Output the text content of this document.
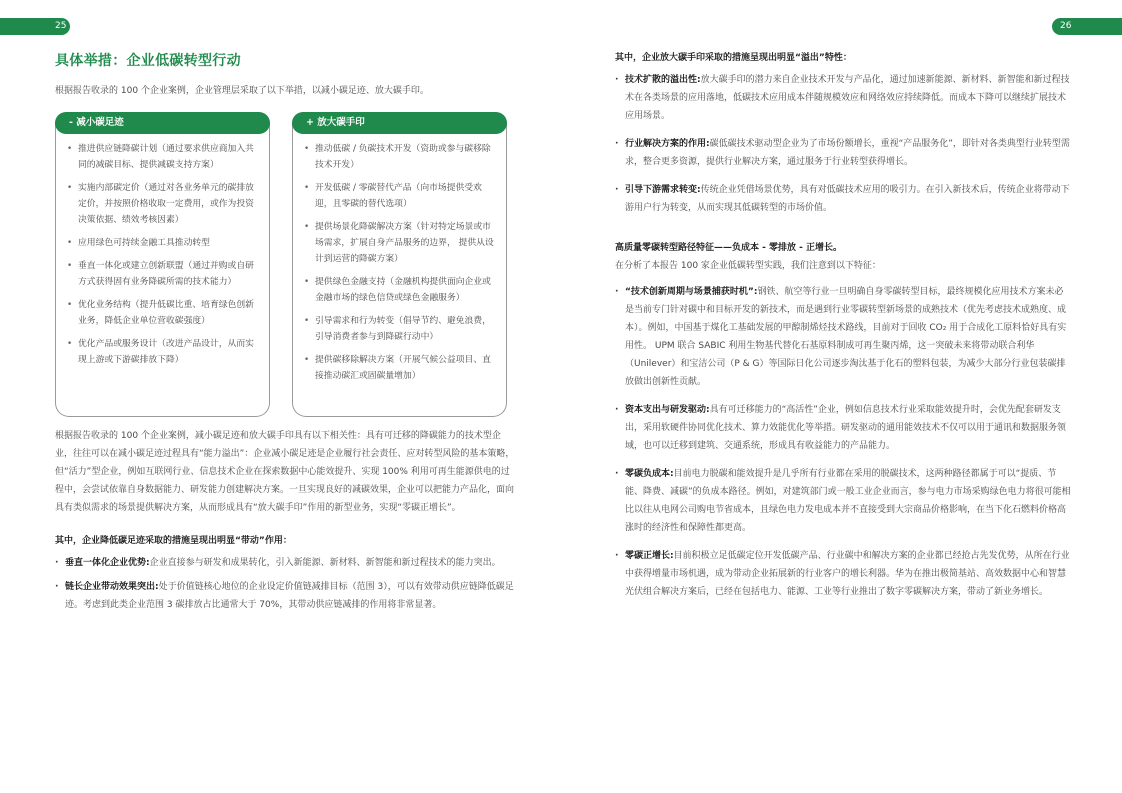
25	26
具体举措：企业低碳转型行动
根据报告收录的 100 个企业案例，企业管理层采取了以下举措，以减小碳足迹、放大碳手印。
- 减小碳足迹
• 推进供应链降碳计划（通过要求供应商加入共同的减碳目标、提供减碳支持方案）
• 实施内部碳定价（通过对各业务单元的碳排放定价，并按照价格收取一定费用，或作为投资决策依据、绩效考核因素）
• 应用绿色可持续金融工具推动转型
• 垂直一体化或建立创新联盟（通过并购或自研方式获得固有业务降碳所需的技术能力）
• 优化业务结构（提升低碳比重、培育绿色创新业务，降低企业单位营收碳强度）
• 优化产品或服务设计（改进产品设计，从而实现上游或下游碳排放下降）
+ 放大碳手印
• 推动低碳 / 负碳技术开发（资助或参与碳移除技术开发）
• 开发低碳 / 零碳替代产品（向市场提供受欢迎，且零碳的替代选项）
• 提供场景化降碳解决方案（针对特定场景或市场需求，扩展自身产品服务的边界， 提供从设计到运营的降碳方案）
• 提供绿色金融支持（金融机构提供面向企业或金融市场的绿色信贷或绿色金融服务）
• 引导需求和行为转变（倡导节约、避免浪费，引导消费者参与到降碳行动中）
• 提供碳移除解决方案（开展气候公益项目、直接推动碳汇或固碳量增加）

根据报告收录的 100 个企业案例，减小碳足迹和放大碳手印具有以下相关性：具有可迁移的降碳能力的技术型企业，往往可以在减小碳足迹过程具有“能力溢出”：企业减小碳足迹是企业履行社会责任、应对转型风险的基本策略，但“活力”型企业，例如互联网行业、信息技术企业在探索数据中心能效提升、实现 100% 利用可再生能源供电的过程中，会尝试依靠自身数据能力、研发能力创建解决方案。一旦实现良好的减碳效果，企业可以把能力产品化，面向具有类似需求的场景提供解决方案，从而形成具有“放大碳手印”作用的新型业务，实现“零碳正增长”。

其中，企业降低碳足迹采取的措施呈现出明显“带动”作用：
· 垂直一体化企业优势:企业直接参与研发和成果转化，引入新能源、新材料、新智能和新过程技术的能力突出。
· 链长企业带动效果突出:处于价值链核心地位的企业设定价值链减排目标（范围 3），可以有效带动供应链降低碳足迹。考虑到此类企业范围 3 碳排放占比通常大于 70%，其带动供应链减排的作用将非常显著。
其中，企业放大碳手印采取的措施呈现出明显“溢出”特性：
· 技术扩散的溢出性:放大碳手印的潜力来自企业技术开发与产品化，通过加速新能源、新材料、新智能和新过程技术在各类场景的应用落地，低碳技术应用成本伴随规模效应和网络效应持续降低。而成本下降可以继续扩展技术应用场景。
· 行业解决方案的作用:碳低碳技术驱动型企业为了市场份额增长，重视“产品服务化”，即针对各类典型行业转型需求，整合更多资源，提供行业解决方案，通过服务于行业转型获得增长。
· 引导下游需求转变:传统企业凭借场景优势，具有对低碳技术应用的吸引力。在引入新技术后，传统企业将带动下游用户行为转变，从而实现其低碳转型的市场价值。
高质量零碳转型路径特征——负成本 - 零排放 - 正增长。
在分析了本报告 100 家企业低碳转型实践，我们注意到以下特征：
· “技术创新周期与场景捕获时机”:钢铁、航空等行业一旦明确自身零碳转型目标，最终规模化应用技术方案未必是当前专门针对碳中和目标开发的新技术，而是遇到行业零碳转型新场景的成熟技术（优先考虑技术成熟度、成本）。例如，中国基于煤化工基础发展的甲醇制烯烃技术路线，目前对于回收 CO₂ 用于合成化工原料恰好具有实用性。 UPM 联合 SABIC 利用生物基代替化石基原料制成可再生聚丙烯，这一突破未来将带动联合利华（Unilever）和宝洁公司（P & G）等国际日化公司逐步淘汰基于化石的塑料包装，为减少大部分行业包装碳排放做出创新性贡献。
· 资本支出与研发驱动:具有可迁移能力的“高活性”企业，例如信息技术行业采取能效提升时，会优先配套研发支出，采用软硬件协同优化技术、算力效能优化等举措。研发驱动的通用能效技术不仅可以用于通讯和数据服务领域，也可以迁移到建筑、交通系统，形成具有收益能力的产品能力。
· 零碳负成本:目前电力脱碳和能效提升是几乎所有行业都在采用的脱碳技术，这两种路径都属于可以“提质、节能、降费、减碳”的负成本路径。例如，对建筑部门或一般工业企业而言，参与电力市场采购绿色电力将很可能相比以往从电网公司购电节省成本，且绿色电力发电成本并不直接受到大宗商品价格影响，在当下化石燃料价格高涨时的经济性和保障性都更高。
· 零碳正增长:目前积极立足低碳定位开发低碳产品、行业碳中和解决方案的企业都已经抢占先发优势，从所在行业中获得增量市场机遇，成为带动企业拓展新的行业客户的增长利器。华为在推出极简基站、高效数据中心和智慧光伏组合解决方案后，已经在包括电力、能源、工业等行业推出了数字零碳解决方案，带动了新业务增长。
